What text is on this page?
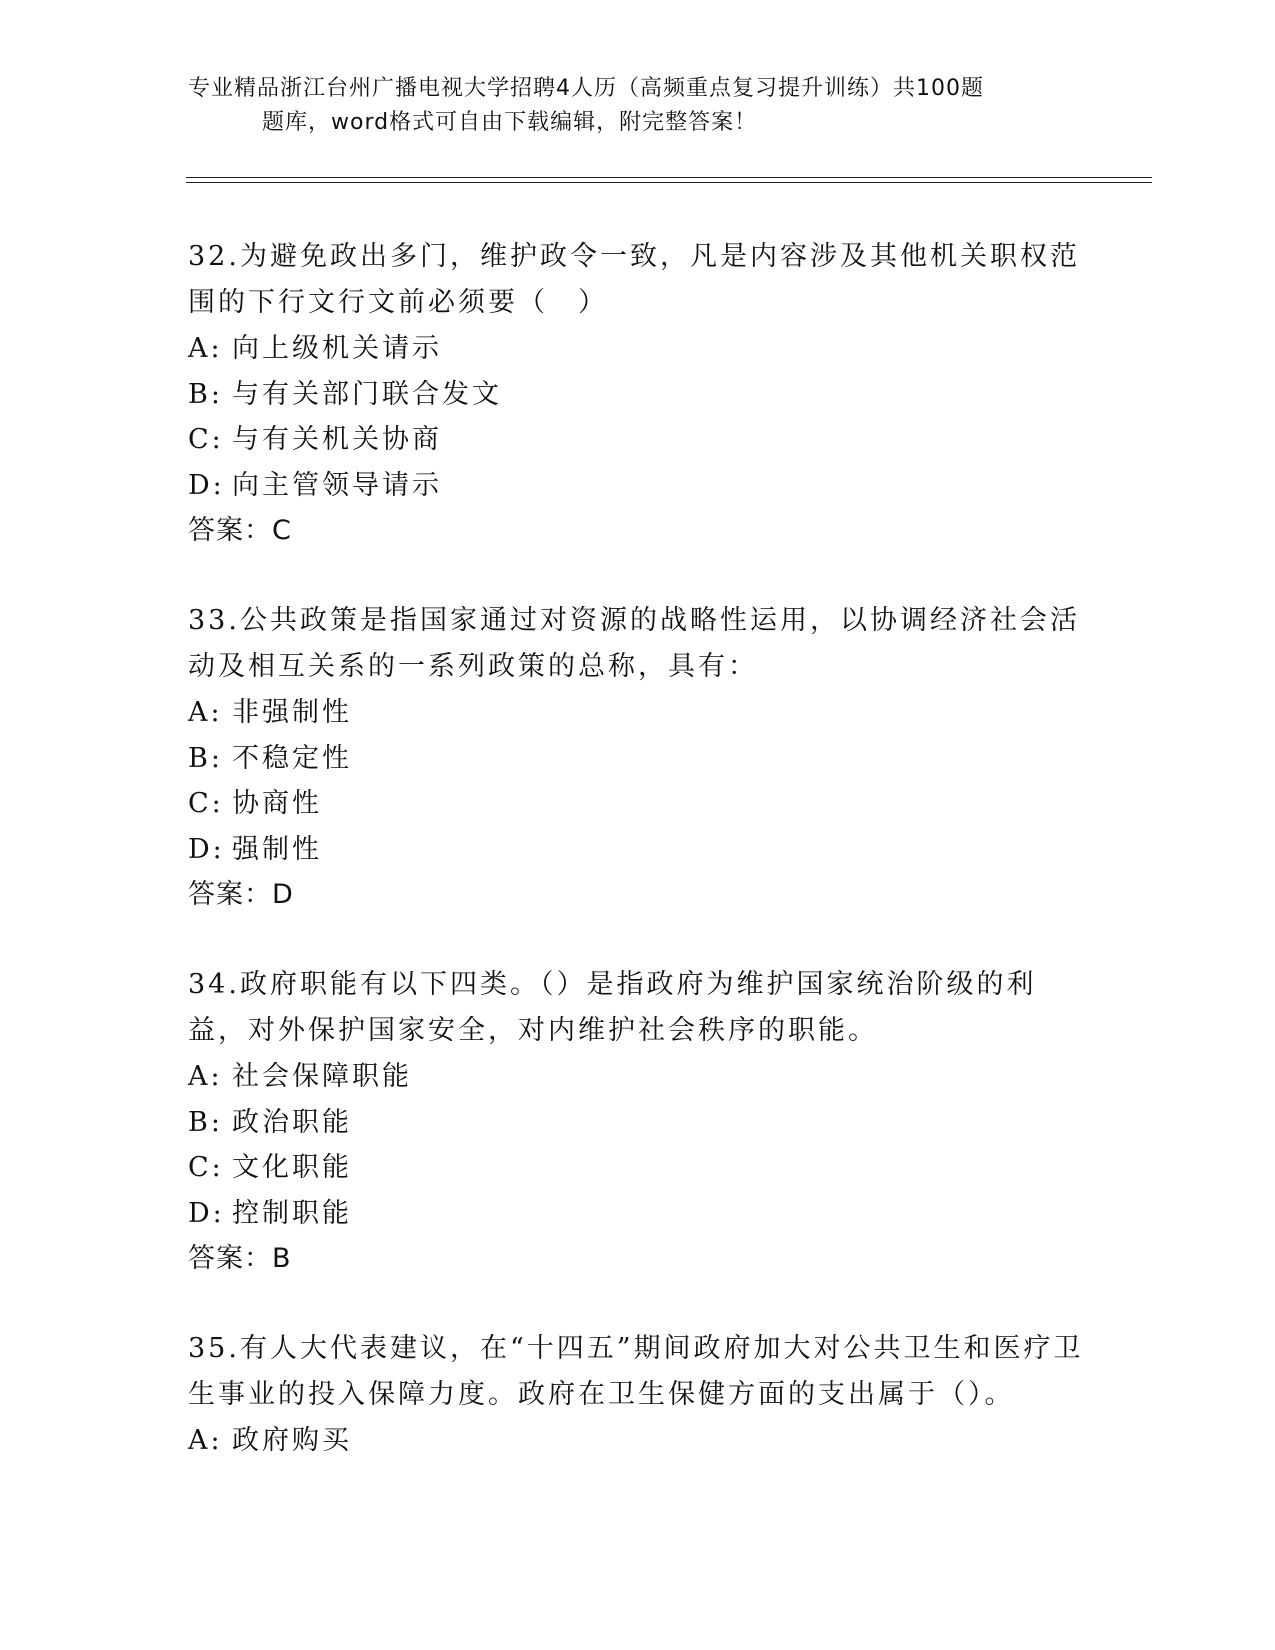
专业精品浙江台州广播电视大学招聘4人历（高频重点复习提升训练）共100题
题库，word格式可自由下载编辑，附完整答案！

32.为避免政出多门，维护政令一致，凡是内容涉及其他机关职权范围的下行文行文前必须要（　）

A: 向上级机关请示
B: 与有关部门联合发文
C: 与有关机关协商
D: 向主管领导请示
答案：C

33.公共政策是指国家通过对资源的战略性运用，以协调经济社会活动及相互关系的一系列政策的总称，具有：

A: 非强制性
B: 不稳定性
C: 协商性
D: 强制性
答案：D

34.政府职能有以下四类。（）是指政府为维护国家统治阶级的利益，对外保护国家安全，对内维护社会秩序的职能。

A: 社会保障职能
B: 政治职能
C: 文化职能
D: 控制职能
答案：B

35.有人大代表建议，在“十四五”期间政府加大对公共卫生和医疗卫生事业的投入保障力度。政府在卫生保健方面的支出属于（）。

A: 政府购买
